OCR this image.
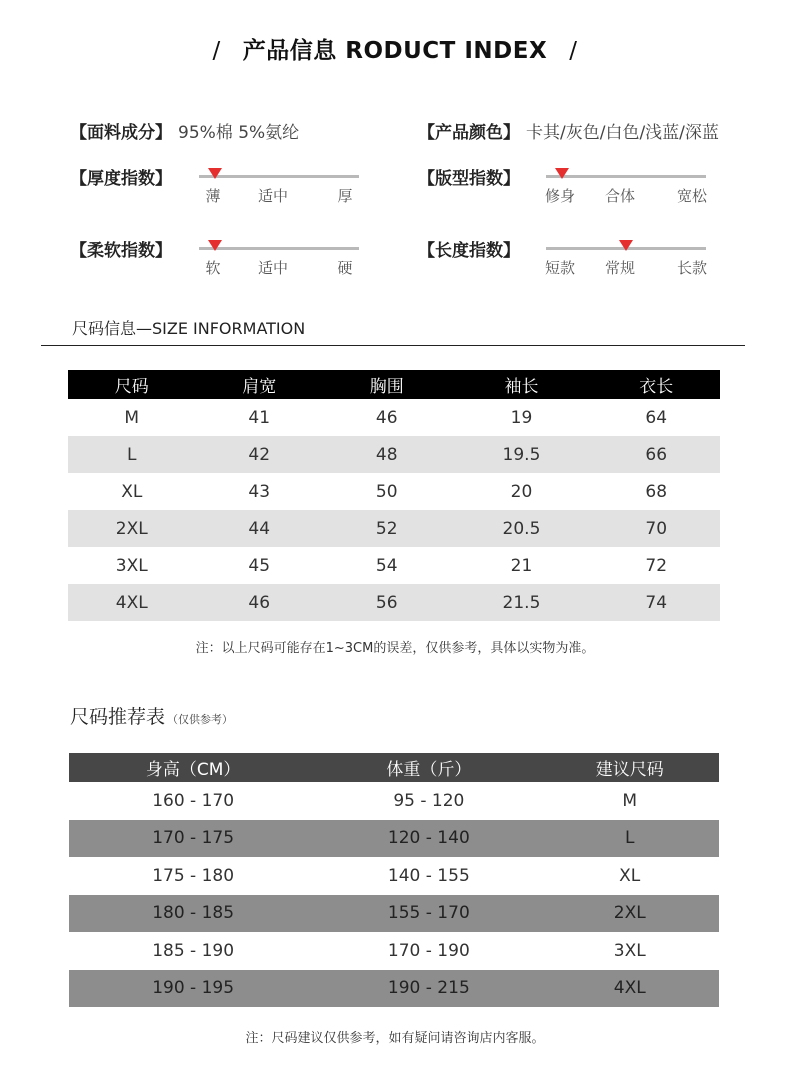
/ 产品信息 RODUCT INDEX /
【面料成分】 95%棉 5%氨纶	【产品颜色】 卡其/灰色/白色/浅蓝/深蓝
【厚度指数】
薄 适中	厚
【版型指数】
修身 合体	宽松
【柔软指数】
软 适中	硬
【长度指数】
短款 常规	长款
尺码信息—SIZE INFORMATION
尺码	肩宽	胸围	袖长	衣长
M	41	46	19	64
L	42	48	19.5	66
XL	43	50	20	68
2XL	44	52	20.5	70
3XL	45	54	21	72
4XL	46	56	21.5	74
注：以上尺码可能存在1~3CM的误差，仅供参考，具体以实物为准。
尺码推荐表 （仅供参考）
身高（CM）	体重（斤）	建议尺码
160 - 170	95 - 120	M
170 - 175	120 - 140	L
175 - 180	140 - 155	XL
180 - 185	155 - 170	2XL
185 - 190	170 - 190	3XL
190 - 195	190 - 215	4XL
注：尺码建议仅供参考，如有疑问请咨询店内客服。
